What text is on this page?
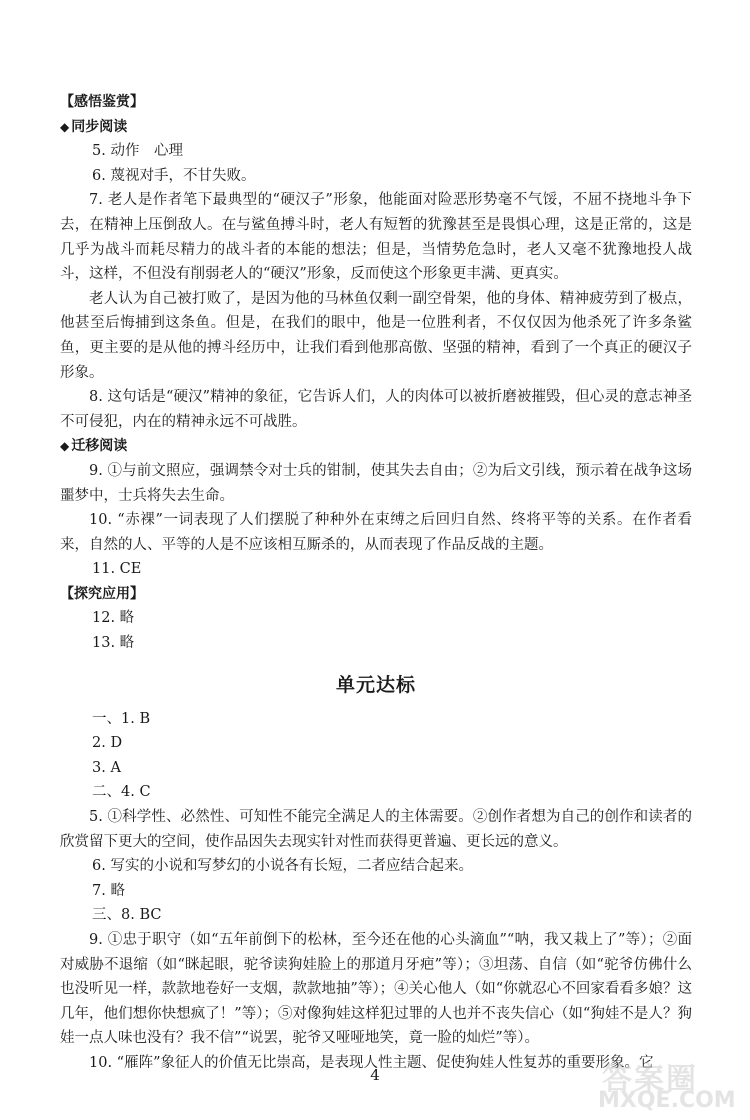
【感悟鉴赏】
◆ 同步阅读
5. 动作　心理
6. 蔑视对手，不甘失败。
7. 老人是作者笔下最典型的“硬汉子”形象，他能面对险恶形势毫不气馁，不屈不挠地斗争下去，在精神上压倒敌人。在与鲨鱼搏斗时，老人有短暂的犹豫甚至是畏惧心理，这是正常的，这是几乎为战斗而耗尽精力的战斗者的本能的想法；但是，当情势危急时，老人又毫不犹豫地投人战斗，这样，不但没有削弱老人的“硬汉”形象，反而使这个形象更丰满、更真实。
老人认为自己被打败了，是因为他的马林鱼仅剩一副空骨架，他的身体、精神疲劳到了极点，他甚至后悔捕到这条鱼。但是，在我们的眼中，他是一位胜利者，不仅仅因为他杀死了许多条鲨鱼，更主要的是从他的搏斗经历中，让我们看到他那高傲、坚强的精神，看到了一个真正的硬汉子形象。
8. 这句话是“硬汉”精神的象征，它告诉人们，人的肉体可以被折磨被摧毁，但心灵的意志神圣不可侵犯，内在的精神永远不可战胜。
◆ 迁移阅读
9. ①与前文照应，强调禁令对士兵的钳制，使其失去自由；②为后文引线，预示着在战争这场噩梦中，士兵将失去生命。
10. “赤裸”一词表现了人们摆脱了种种外在束缚之后回归自然、终将平等的关系。在作者看来，自然的人、平等的人是不应该相互厮杀的，从而表现了作品反战的主题。
11. CE
【探究应用】
12. 略
13. 略
单元达标
一、1. B
2. D
3. A
二、4. C
5. ①科学性、必然性、可知性不能完全满足人的主体需要。②创作者想为自己的创作和读者的欣赏留下更大的空间，使作品因失去现实针对性而获得更普遍、更长远的意义。
6. 写实的小说和写梦幻的小说各有长短，二者应结合起来。
7. 略
三、8. BC
9. ①忠于职守（如“五年前倒下的松林，至今还在他的心头滴血”“呐，我又栽上了”等）；②面对威胁不退缩（如“眯起眼，驼爷读狗娃脸上的那道月牙疤”等）；③坦荡、自信（如“驼爷仿佛什么也没听见一样，款款地卷好一支烟，款款地抽”等）；④关心他人（如“你就忍心不回家看看多娘？这几年，他们想你快想疯了！”等）；⑤对像狗娃这样犯过罪的人也并不丧失信心（如“狗娃不是人？狗娃一点人味也没有？我不信”“说罢，驼爷又哑哑地笑，竟一脸的灿烂”等）。
10. “雁阵”象征人的价值无比崇高，是表现人性主题、促使狗娃人性复苏的重要形象。它
4	答案圈
MXQE.COM
